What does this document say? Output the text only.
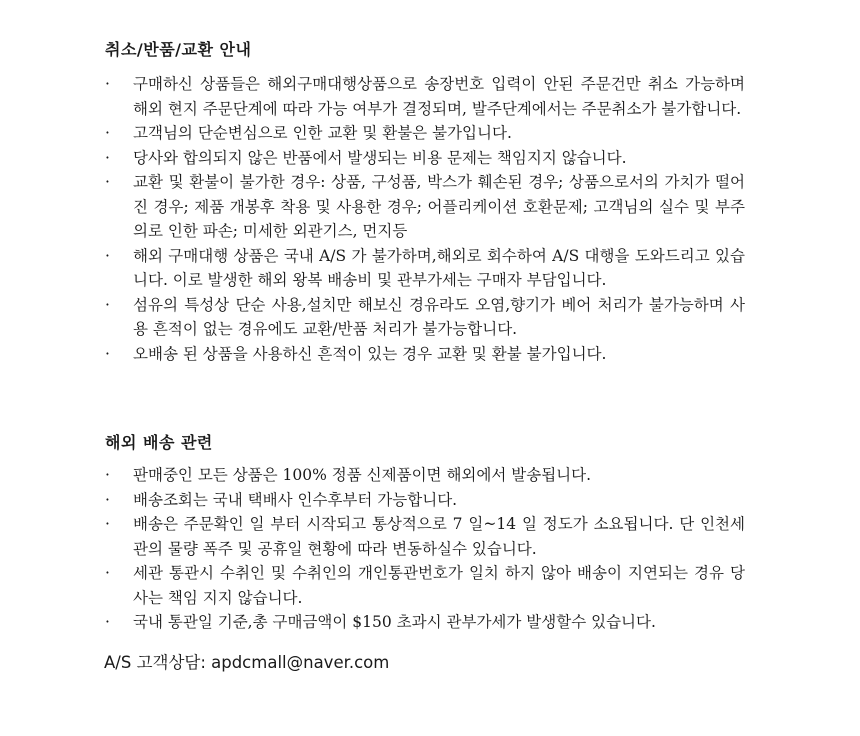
취소/반품/교환 안내
·	구매하신 상품들은 해외구매대행상품으로 송장번호 입력이 안된 주문건만 취소 가능하며 해외 현지 주문단계에 따라 가능 여부가 결정되며, 발주단계에서는 주문취소가 불가합니다.
·	고객님의 단순변심으로 인한 교환 및 환불은 불가입니다.
·	당사와 합의되지 않은 반품에서 발생되는 비용 문제는 책임지지 않습니다.
·	교환 및 환불이 불가한 경우: 상품, 구성품, 박스가 훼손된 경우; 상품으로서의 가치가 떨어진 경우; 제품 개봉후 착용 및 사용한 경우; 어플리케이션 호환문제; 고객님의 실수 및 부주의로 인한 파손; 미세한 외관기스, 먼지등
·	해외 구매대행 상품은 국내 A/S 가 불가하며,해외로 회수하여 A/S 대행을 도와드리고 있습니다. 이로 발생한 해외 왕복 배송비 및 관부가세는 구매자 부담입니다.
·	섬유의 특성상 단순 사용,설치만 해보신 경유라도 오염,향기가 베어 처리가 불가능하며 사용 흔적이 없는 경유에도 교환/반품 처리가 불가능합니다.
·	오배송 된 상품을 사용하신 흔적이 있는 경우 교환 및 환불 불가입니다.
해외 배송 관련
·	판매중인 모든 상품은 100% 정품 신제품이면 해외에서 발송됩니다.
·	배송조회는 국내 택배사 인수후부터 가능합니다.
·	배송은 주문확인 일 부터 시작되고 통상적으로 7 일~14 일 정도가 소요됩니다. 단 인천세관의 물량 폭주 및 공휴일 현황에 따라 변동하실수 있습니다.
·	세관 통관시 수취인 및 수취인의 개인통관번호가 일치 하지 않아 배송이 지연되는 경유 당사는 책임 지지 않습니다.
·	국내 통관일 기준,총 구매금액이 $150 초과시 관부가세가 발생할수 있습니다.
A/S 고객상담: apdcmall@naver.com
